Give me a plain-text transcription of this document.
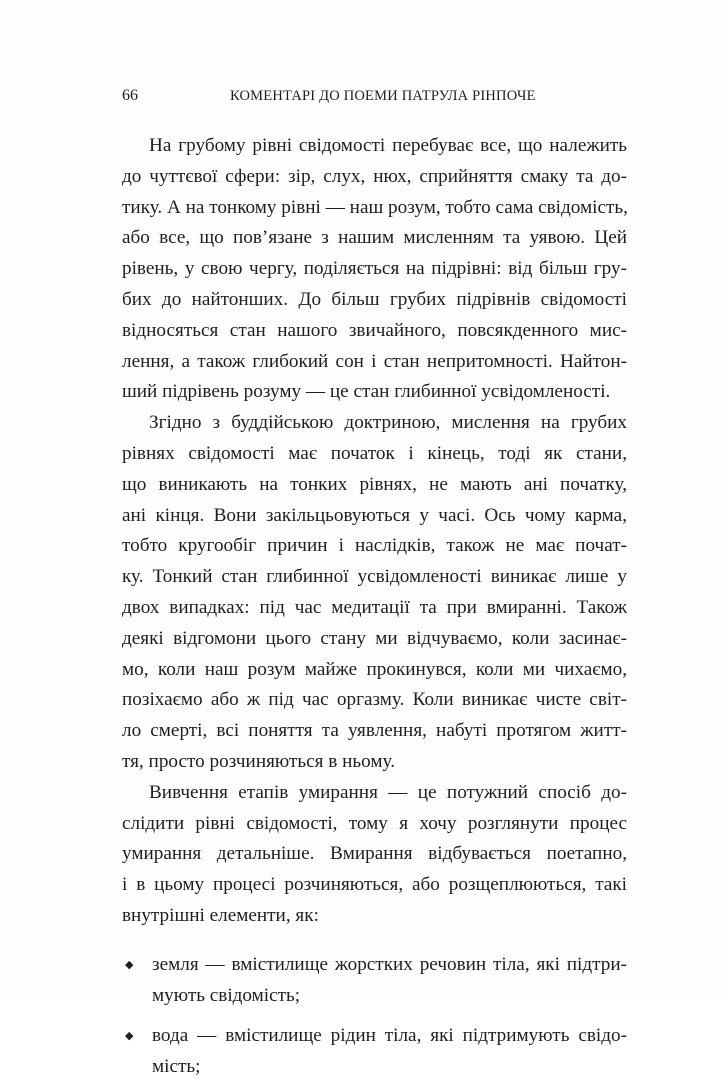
66	КОМЕНТАРІ ДО ПОЕМИ ПАТРУЛА РІНПОЧЕ
На грубому рівні свідомості перебуває все, що належить
до чуттєвої сфери: зір, слух, нюх, сприйняття смаку та до-
тику. А на тонкому рівні — наш розум, тобто сама свідомість,
або все, що пов’язане з нашим мисленням та уявою. Цей
рівень, у свою чергу, поділяється на підрівні: від більш гру-
бих до найтонших. До більш грубих підрівнів свідомості
відносяться стан нашого звичайного, повсякденного мис-
лення, а також глибокий сон і стан непритомності. Найтон-
ший підрівень розуму — це стан глибинної усвідомленості.
Згідно з буддійською доктриною, мислення на грубих
рівнях свідомості має початок і кінець, тоді як стани,
що виникають на тонких рівнях, не мають ані початку,
ані кінця. Вони закільцьовуються у часі. Ось чому карма,
тобто кругообіг причин і наслідків, також не має почат-
ку. Тонкий стан глибинної усвідомленості виникає лише у
двох випадках: під час медитації та при вмиранні. Також
деякі відгомони цього стану ми відчуваємо, коли засинає-
мо, коли наш розум майже прокинувся, коли ми чихаємо,
позіхаємо або ж під час оргазму. Коли виникає чисте світ-
ло смерті, всі поняття та уявлення, набуті протягом житт-
тя, просто розчиняються в ньому.
Вивчення етапів умирання — це потужний спосіб до-
слідити рівні свідомості, тому я хочу розглянути процес
умирання детальніше. Вмирання відбувається поетапно,
і в цьому процесі розчиняються, або розщеплюються, такі
внутрішні елементи, як:
◆ земля — вмістилище жорстких речовин тіла, які підтри-
мують свідомість;
◆ вода — вмістилище рідин тіла, які підтримують свідо-
мість;
